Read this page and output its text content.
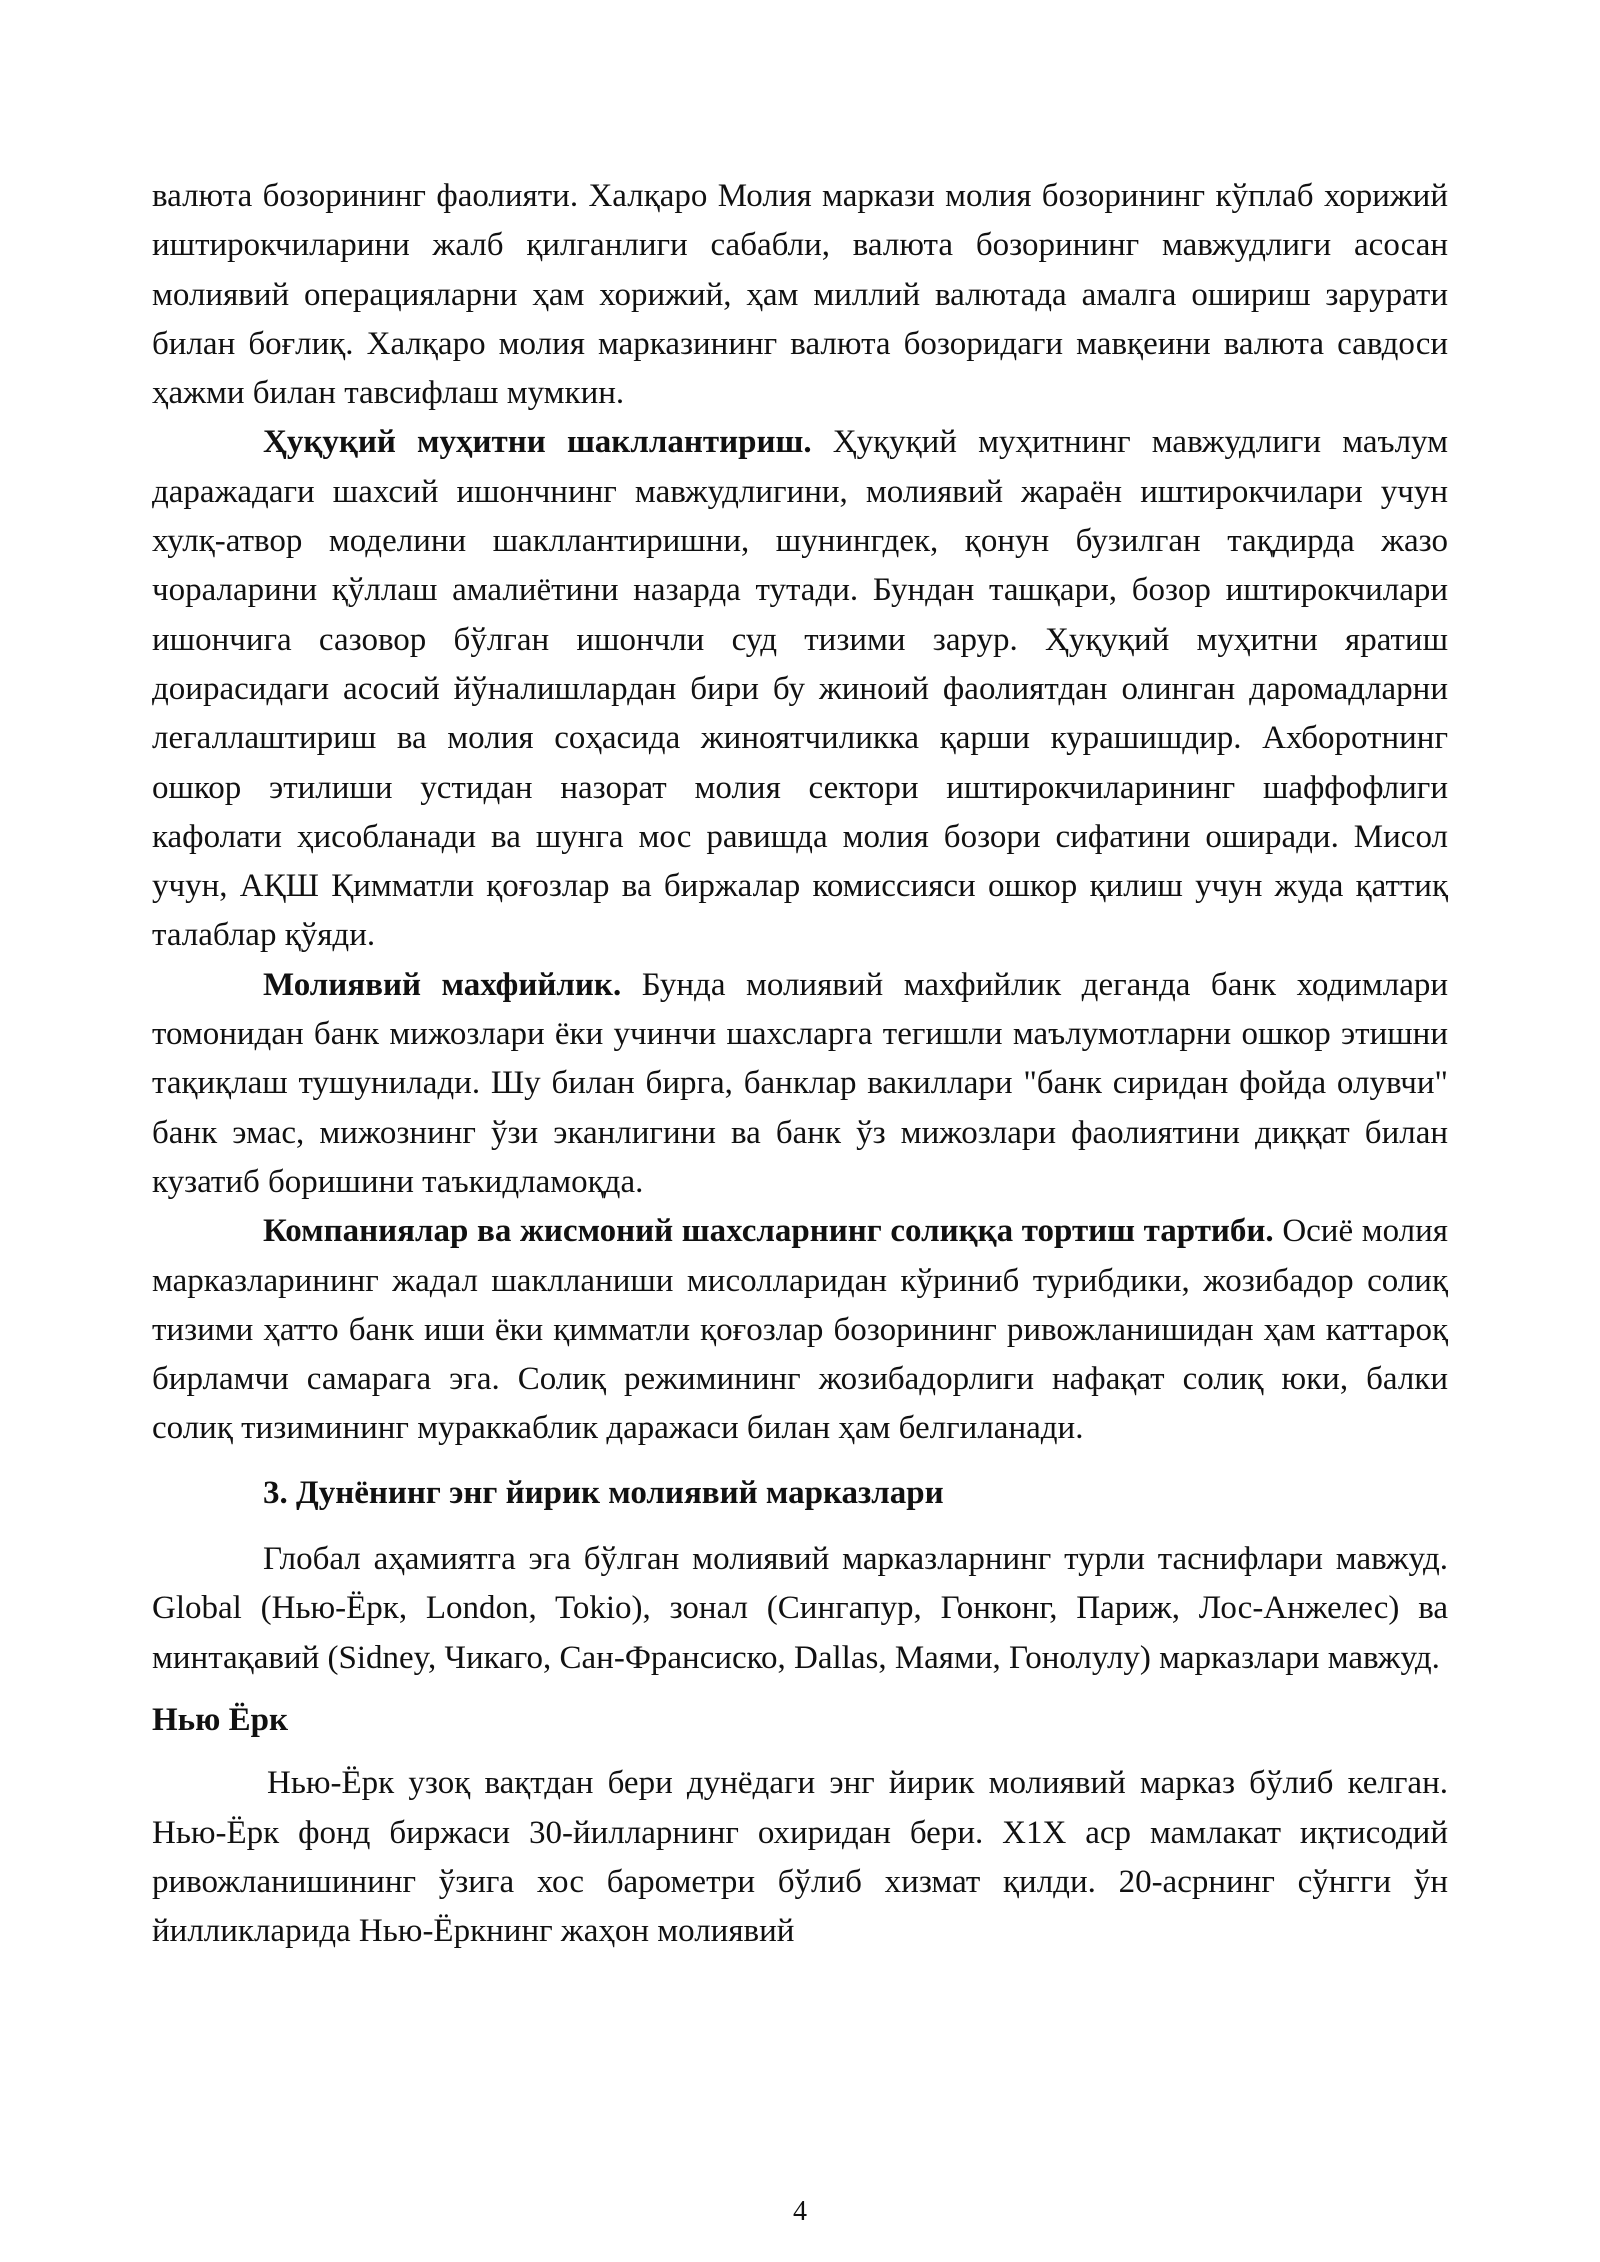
валюта бозорининг фаолияти. Халқаро Молия маркази молия бозорининг кўплаб хорижий иштирокчиларини жалб қилганлиги сабабли, валюта бозорининг мавжудлиги асосан молиявий операцияларни ҳам хорижий, ҳам миллий валютада амалга ошириш зарурати билан боғлиқ. Халқаро молия марказининг валюта бозоридаги мавқеини валюта савдоси ҳажми билан тавсифлаш мумкин.

Ҳуқуқий муҳитни шакллантириш. Ҳуқуқий муҳитнинг мавжудлиги маълум даражадаги шахсий ишончнинг мавжудлигини, молиявий жараён иштирокчилари учун хулқ-атвор моделини шакллантиришни, шунингдек, қонун бузилган тақдирда жазо чораларини қўллаш амалиётини назарда тутади. Бундан ташқари, бозор иштирокчилари ишончига сазовор бўлган ишончли суд тизими зарур. Ҳуқуқий муҳитни яратиш доирасидаги асосий йўналишлардан бири бу жиноий фаолиятдан олинган даромадларни легаллаштириш ва молия соҳасида жиноятчиликка қарши курашишдир. Ахборотнинг ошкор этилиши устидан назорат молия сектори иштирокчиларининг шаффофлиги кафолати ҳисобланади ва шунга мос равишда молия бозори сифатини оширади. Мисол учун, АҚШ Қимматли қоғозлар ва биржалар комиссияси ошкор қилиш учун жуда қаттиқ талаблар қўяди.

Молиявий махфийлик. Бунда молиявий махфийлик деганда банк ходимлари томонидан банк мижозлари ёки учинчи шахсларга тегишли маълумотларни ошкор этишни тақиқлаш тушунилади. Шу билан бирга, банклар вакиллари "банк сиридан фойда олувчи" банк эмас, мижознинг ўзи эканлигини ва банк ўз мижозлари фаолиятини диққат билан кузатиб боришини таъкидламоқда.

Компаниялар ва жисмоний шахсларнинг солиққа тортиш тартиби. Осиё молия марказларининг жадал шаклланиши мисолларидан кўриниб турибдики, жозибадор солиқ тизими ҳатто банк иши ёки қимматли қоғозлар бозорининг ривожланишидан ҳам каттароқ бирламчи самарага эга. Солиқ режимининг жозибадорлиги нафақат солиқ юки, балки солиқ тизимининг мураккаблик даражаси билан ҳам белгиланади.

3. Дунёнинг энг йирик молиявий марказлари

Глобал аҳамиятга эга бўлган молиявий марказларнинг турли таснифлари мавжуд. Global (Нью-Ёрк, London, Tokio), зонал (Сингапур, Гонконг, Париж, Лос-Анжелес) ва минтақавий (Sidney, Чикаго, Сан-Франсиско, Dallas, Маями, Гонолулу) марказлари мавжуд.

Нью Ёрк

Нью-Ёрк узоқ вақтдан бери дунёдаги энг йирик молиявий марказ бўлиб келган. Нью-Ёрк фонд биржаси 30-йилларнинг охиридан бери. X1X аср мамлакат иқтисодий ривожланишининг ўзига хос барометри бўлиб хизмат қилди. 20-асрнинг сўнгги ўн йилликларида Нью-Ёркнинг жаҳон молиявий

4
